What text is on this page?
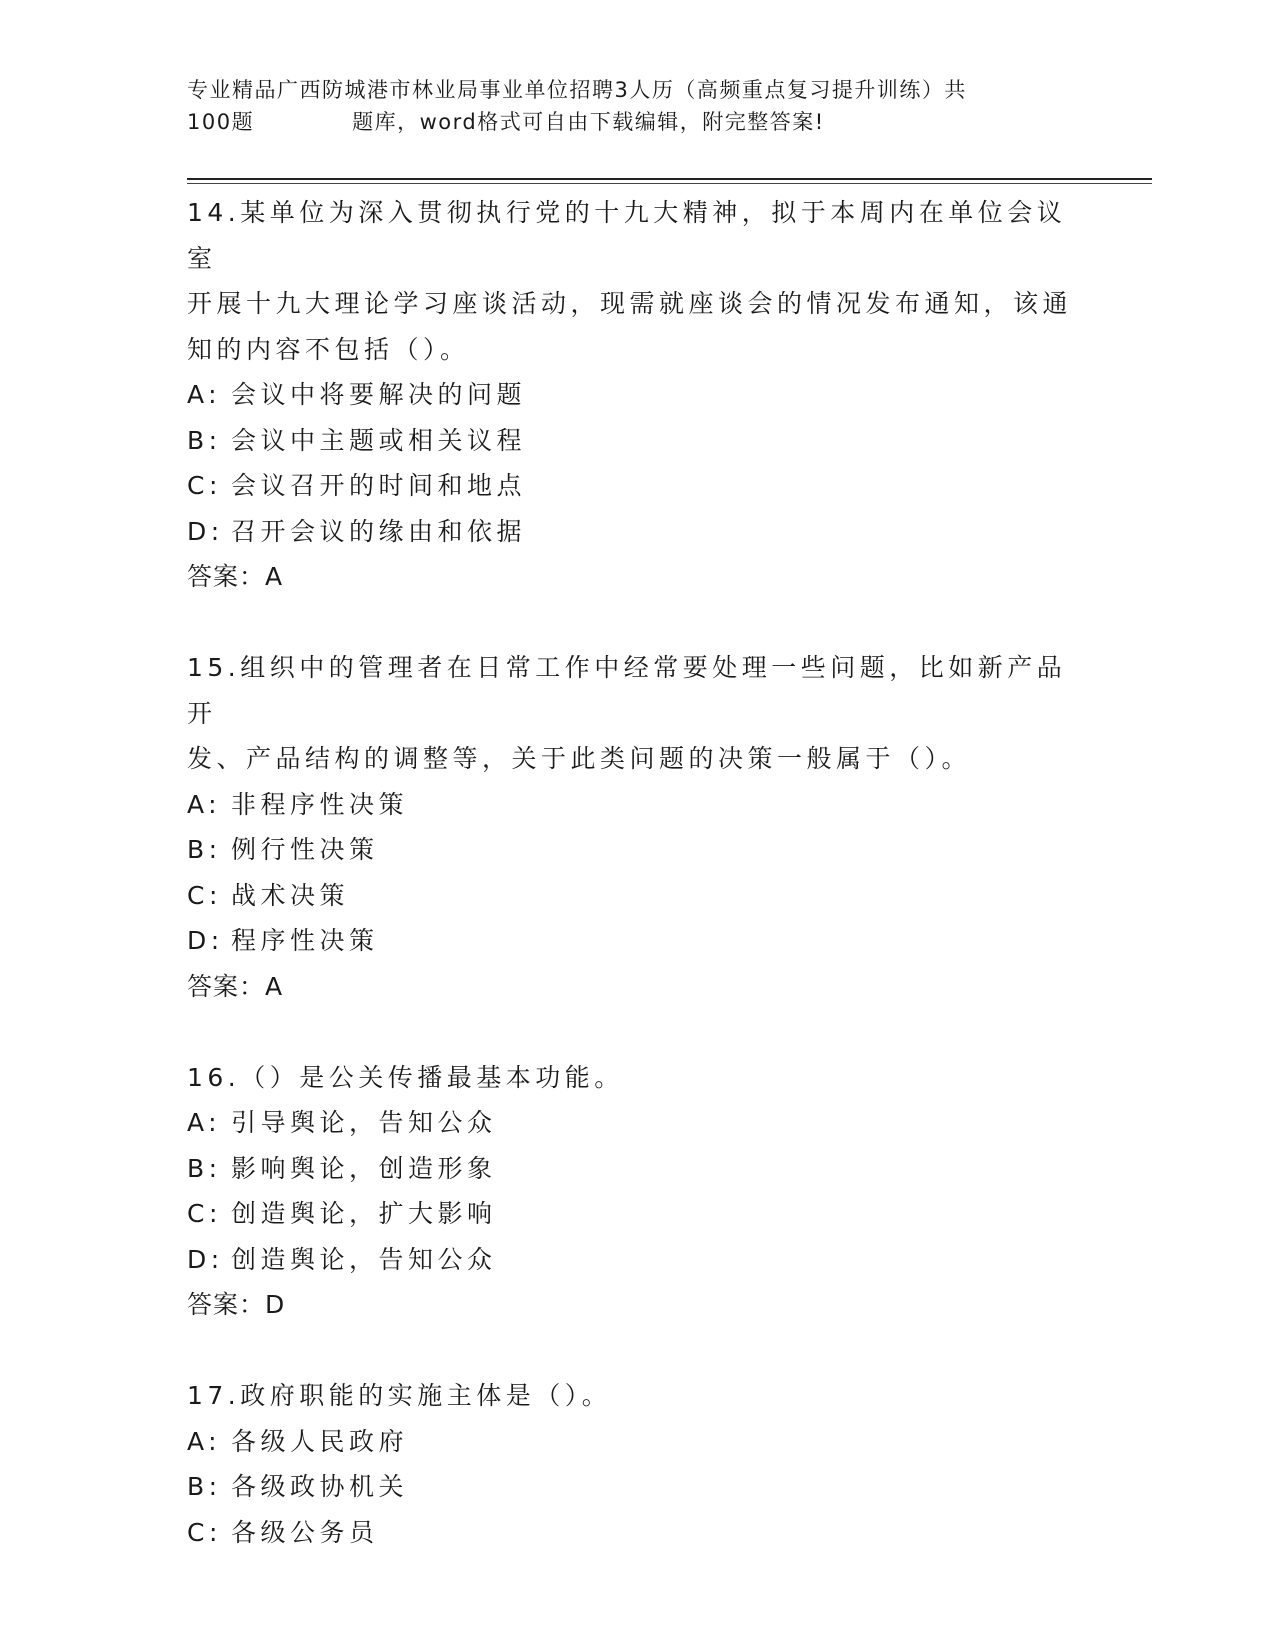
专业精品广西防城港市林业局事业单位招聘3人历（高频重点复习提升训练）共
100题	题库，word格式可自由下载编辑，附完整答案!

14.某单位为深入贯彻执行党的十九大精神，拟于本周内在单位会议室

开展十九大理论学习座谈活动，现需就座谈会的情况发布通知，该通

知的内容不包括（）。

A: 会议中将要解决的问题

B: 会议中主题或相关议程

C: 会议召开的时间和地点

D: 召开会议的缘由和依据

答案：A

15.组织中的管理者在日常工作中经常要处理一些问题，比如新产品开

发、产品结构的调整等，关于此类问题的决策一般属于（）。

A: 非程序性决策

B: 例行性决策

C: 战术决策

D: 程序性决策

答案：A

16.（）是公关传播最基本功能。

A: 引导舆论，告知公众

B: 影响舆论，创造形象

C: 创造舆论，扩大影响

D: 创造舆论，告知公众

答案：D

17.政府职能的实施主体是（）。

A: 各级人民政府

B: 各级政协机关

C: 各级公务员
